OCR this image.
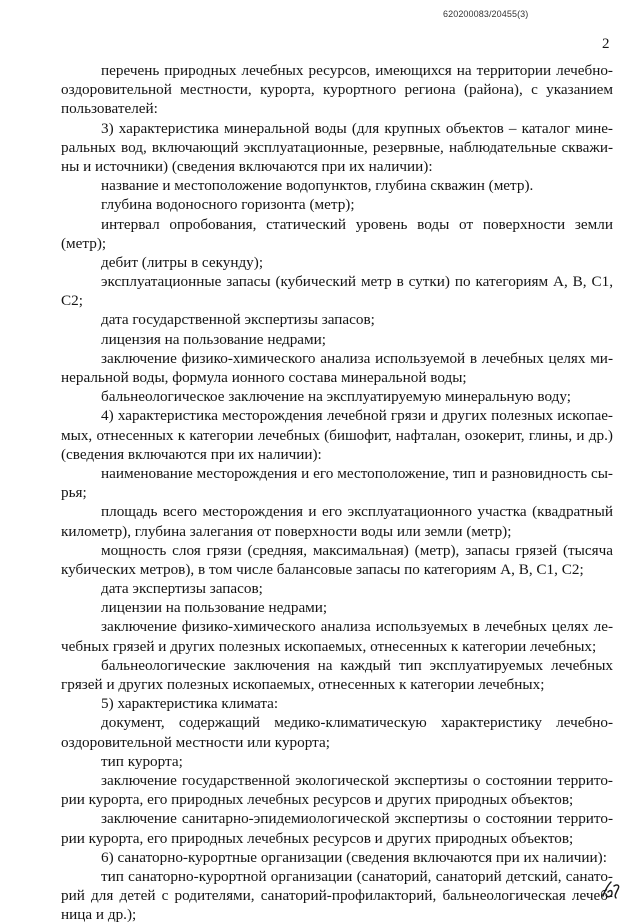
620200083/20455(3)
2
перечень природных лечебных ресурсов, имеющихся на территории лечебно-
оздоровительной местности, курорта, курортного региона (района), с указанием
пользователей:
3) характеристика минеральной воды (для крупных объектов – каталог мине-
ральных вод, включающий эксплуатационные, резервные, наблюдательные скважи-
ны и источники) (сведения включаются при их наличии):
название и местоположение водопунктов, глубина скважин (метр).
глубина водоносного горизонта (метр);
интервал опробования, статический уровень воды от поверхности земли
(метр);
дебит (литры в секунду);
эксплуатационные запасы (кубический метр в сутки) по категориям А, В, С1,
С2;
дата государственной экспертизы запасов;
лицензия на пользование недрами;
заключение физико-химического анализа используемой в лечебных целях ми-
неральной воды, формула ионного состава минеральной воды;
бальнеологическое заключение на эксплуатируемую минеральную воду;
4) характеристика месторождения лечебной грязи и других полезных ископае-
мых, отнесенных к категории лечебных (бишофит, нафталан, озокерит, глины, и др.)
(сведения включаются при их наличии):
наименование месторождения и его местоположение, тип и разновидность сы-
рья;
площадь всего месторождения и его эксплуатационного участка (квадратный
километр), глубина залегания от поверхности воды или земли (метр);
мощность слоя грязи (средняя, максимальная) (метр), запасы грязей (тысяча
кубических метров), в том числе балансовые запасы по категориям А, В, С1, С2;
дата экспертизы запасов;
лицензии на пользование недрами;
заключение физико-химического анализа используемых в лечебных целях ле-
чебных грязей и других полезных ископаемых, отнесенных к категории лечебных;
бальнеологические заключения на каждый тип эксплуатируемых лечебных
грязей и других полезных ископаемых, отнесенных к категории лечебных;
5) характеристика климата:
документ, содержащий медико-климатическую характеристику лечебно-
оздоровительной местности или курорта;
тип курорта;
заключение государственной экологической экспертизы о состоянии террито-
рии курорта, его природных лечебных ресурсов и других природных объектов;
заключение санитарно-эпидемиологической экспертизы о состоянии террито-
рии курорта, его природных лечебных ресурсов и других природных объектов;
6) санаторно-курортные организации (сведения включаются при их наличии):
тип санаторно-курортной организации (санаторий, санаторий детский, санато-
рий для детей с родителями, санаторий-профилакторий, бальнеологическая лечеб-
ница и др.);
